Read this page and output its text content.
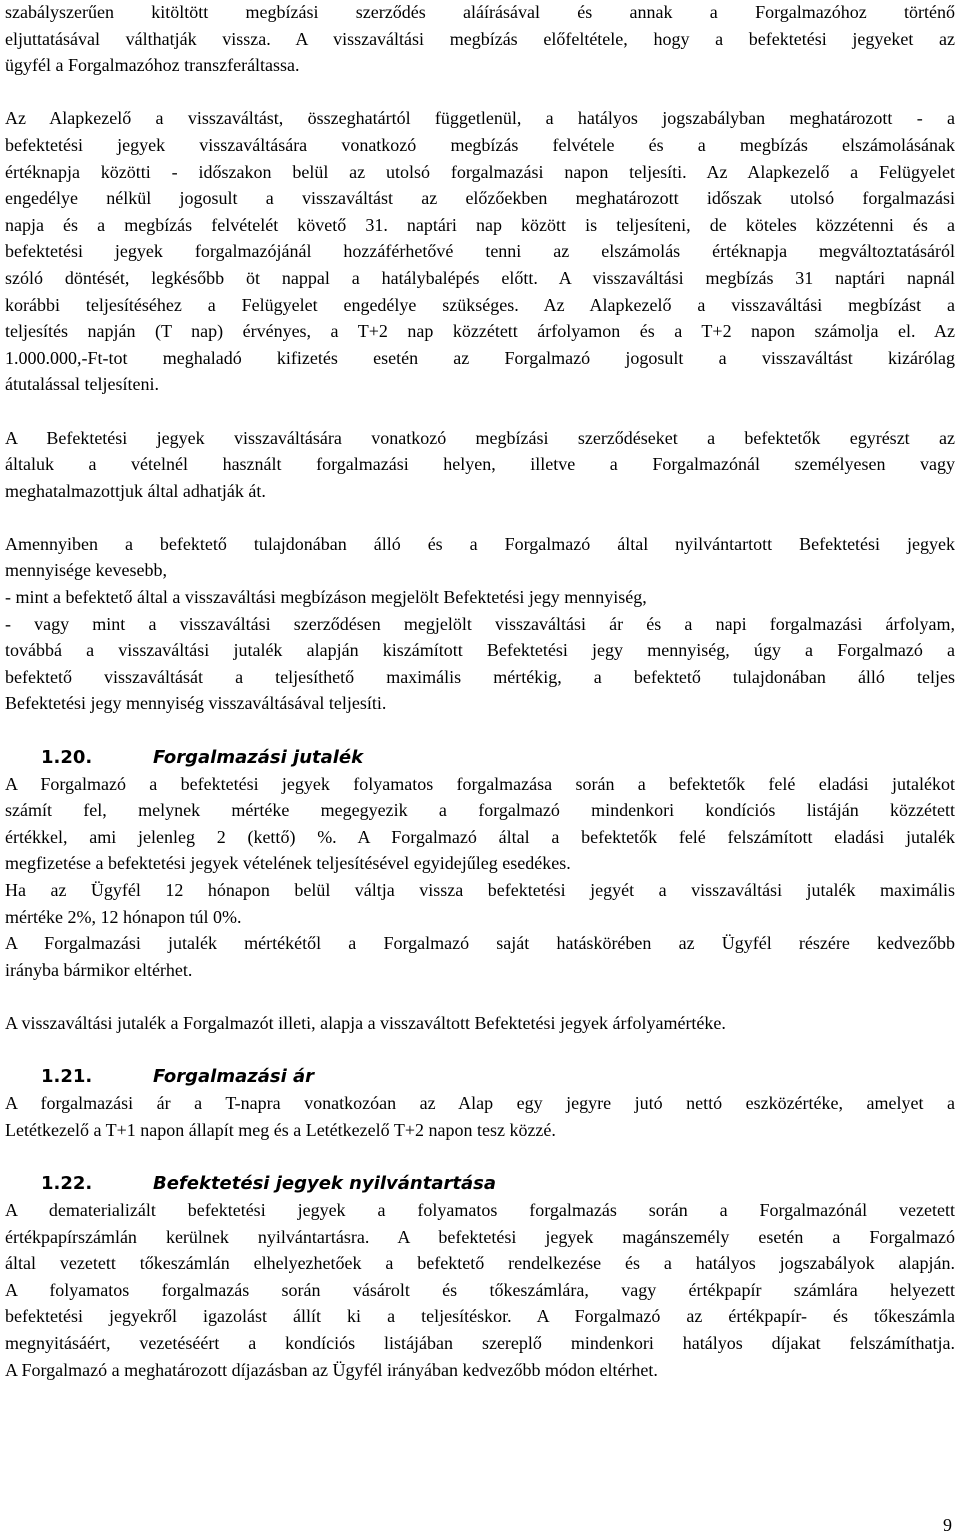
szabályszerűen kitöltött megbízási szerződés aláírásával és annak a Forgalmazóhoz történő
eljuttatásával válthatják vissza. A visszaváltási megbízás előfeltétele, hogy a befektetési jegyeket az
ügyfél a Forgalmazóhoz transzferáltassa.
Az Alapkezelő a visszaváltást, összeghatártól függetlenül, a hatályos jogszabályban meghatározott - a
befektetési jegyek visszaváltására vonatkozó megbízás felvétele és a megbízás elszámolásának
értéknapja közötti - időszakon belül az utolsó forgalmazási napon teljesíti. Az Alapkezelő a Felügyelet
engedélye nélkül jogosult a visszaváltást az előzőekben meghatározott időszak utolsó forgalmazási
napja és a megbízás felvételét követő 31. naptári nap között is teljesíteni, de köteles közzétenni és a
befektetési jegyek forgalmazójánál hozzáférhetővé tenni az elszámolás értéknapja megváltoztatásáról
szóló döntését, legkésőbb öt nappal a hatálybalépés előtt. A visszaváltási megbízás 31 naptári napnál
korábbi teljesítéséhez a Felügyelet engedélye szükséges. Az Alapkezelő a visszaváltási megbízást a
teljesítés napján (T nap) érvényes, a T+2 nap közzétett árfolyamon és a T+2 napon számolja el. Az
1.000.000,-Ft-tot meghaladó kifizetés esetén az Forgalmazó jogosult a visszaváltást kizárólag
átutalással teljesíteni.
A Befektetési jegyek visszaváltására vonatkozó megbízási szerződéseket a befektetők egyrészt az
általuk a vételnél használt forgalmazási helyen, illetve a Forgalmazónál személyesen vagy
meghatalmazottjuk által adhatják át.
Amennyiben a befektető tulajdonában álló és a Forgalmazó által nyilvántartott Befektetési jegyek
mennyisége kevesebb,
- mint a befektető által a visszaváltási megbízáson megjelölt Befektetési jegy mennyiség,
- vagy mint a visszaváltási szerződésen megjelölt visszaváltási ár és a napi forgalmazási árfolyam,
továbbá a visszaváltási jutalék alapján kiszámított Befektetési jegy mennyiség, úgy a Forgalmazó a
befektető visszaváltását a teljesíthető maximális mértékig, a befektető tulajdonában álló teljes
Befektetési jegy mennyiség visszaváltásával teljesíti.
1.20.	Forgalmazási jutalék
A Forgalmazó a befektetési jegyek folyamatos forgalmazása során a befektetők felé eladási jutalékot
számít fel, melynek mértéke megegyezik a forgalmazó mindenkori kondíciós listáján közzétett
értékkel, ami jelenleg 2 (kettő) %. A Forgalmazó által a befektetők felé felszámított eladási jutalék
megfizetése a befektetési jegyek vételének teljesítésével egyidejűleg esedékes.
Ha az Ügyfél 12 hónapon belül váltja vissza befektetési jegyét a visszaváltási jutalék maximális
mértéke 2%, 12 hónapon túl 0%.
A Forgalmazási jutalék mértékétől a Forgalmazó saját hatáskörében az Ügyfél részére kedvezőbb
irányba bármikor eltérhet.
A visszaváltási jutalék a Forgalmazót illeti, alapja a visszaváltott Befektetési jegyek árfolyamértéke.
1.21.	Forgalmazási ár
A forgalmazási ár a T-napra vonatkozóan az Alap egy jegyre jutó nettó eszközértéke, amelyet a
Letétkezelő a T+1 napon állapít meg és a Letétkezelő T+2 napon tesz közzé.
1.22.	Befektetési jegyek nyilvántartása
A dematerializált befektetési jegyek a folyamatos forgalmazás során a Forgalmazónál vezetett
értékpapírszámlán kerülnek nyilvántartásra. A befektetési jegyek magánszemély esetén a Forgalmazó
által vezetett tőkeszámlán elhelyezhetőek a befektető rendelkezése és a hatályos jogszabályok alapján.
A folyamatos forgalmazás során vásárolt és tőkeszámlára, vagy értékpapír számlára helyezett
befektetési jegyekről igazolást állít ki a teljesítéskor. A Forgalmazó az értékpapír- és tőkeszámla
megnyitásáért, vezetéséért a kondíciós listájában szereplő mindenkori hatályos díjakat felszámíthatja.
A Forgalmazó a meghatározott díjazásban az Ügyfél irányában kedvezőbb módon eltérhet.
9
